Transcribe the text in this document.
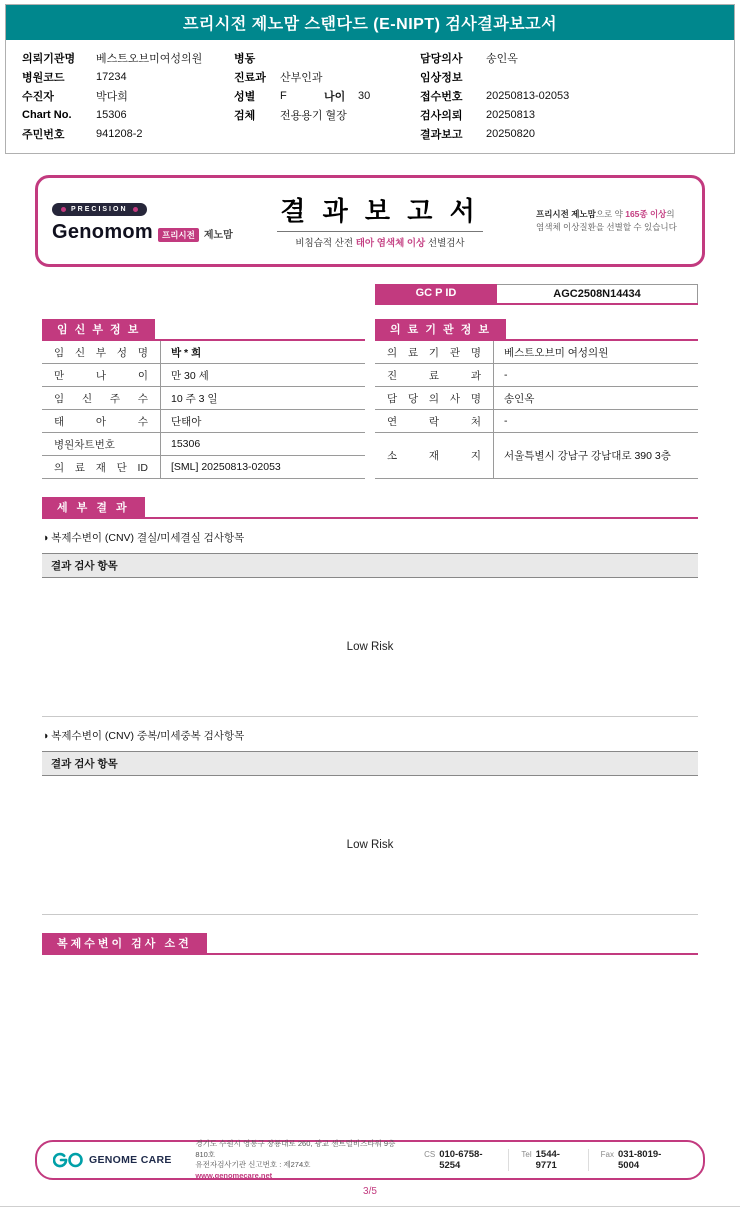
프리시전 제노맘 스탠다드 (E-NIPT) 검사결과보고서
의뢰기관명	베스트오브미여성의원
병원코드	17234
수진자	박다희
Chart No.	15306
주민번호	941208-2
병동
진료과	산부인과
성별	F	나이	30
검체	전용용기 혈장
담당의사	송인옥
임상정보
접수번호	20250813-02053
검사의뢰	20250813
결과보고	20250820
PRECISION
Genomom	프리시전 제노맘
결 과 보 고 서
비침습적 산전 태아 염색체 이상 선별검사
프리시전 제노맘으로 약 165종 이상의
염색체 이상질환을 선별할 수 있습니다
GC P ID	AGC2508N14434
임 신 부 정 보
임 신 부 성 명	박 * 희
만 나 이	만 30 세
임 신 주 수	10 주 3 일
태 아 수	단태아
병원차트번호	15306
의 료 재 단 ID	[SML] 20250813-02053
의 료 기 관 정 보
의 료 기 관 명	베스트오브미 여성의원
진 료 과	-
담 당 의 사 명	송인옥
연 락 처	-
소 재 지	서울특별시 강남구 강남대로 390 3층
세 부 결 과
◑ 복제수변이 (CNV) 결실/미세결실 검사항목
결과 검사 항목
Low Risk
◑ 복제수변이 (CNV) 중복/미세중복 검사항목
결과 검사 항목
Low Risk
복제수변이 검사 소견
GENOME CARE
경기도 수원시 영통구 창룡대로 260, 광교 센트럴비즈타워 9층 810호
유전자검사기관 신고번호 : 제274호
www.genomecare.net
CS 010-6758-5254
Tel 1544-9771
Fax 031-8019-5004
3/5
